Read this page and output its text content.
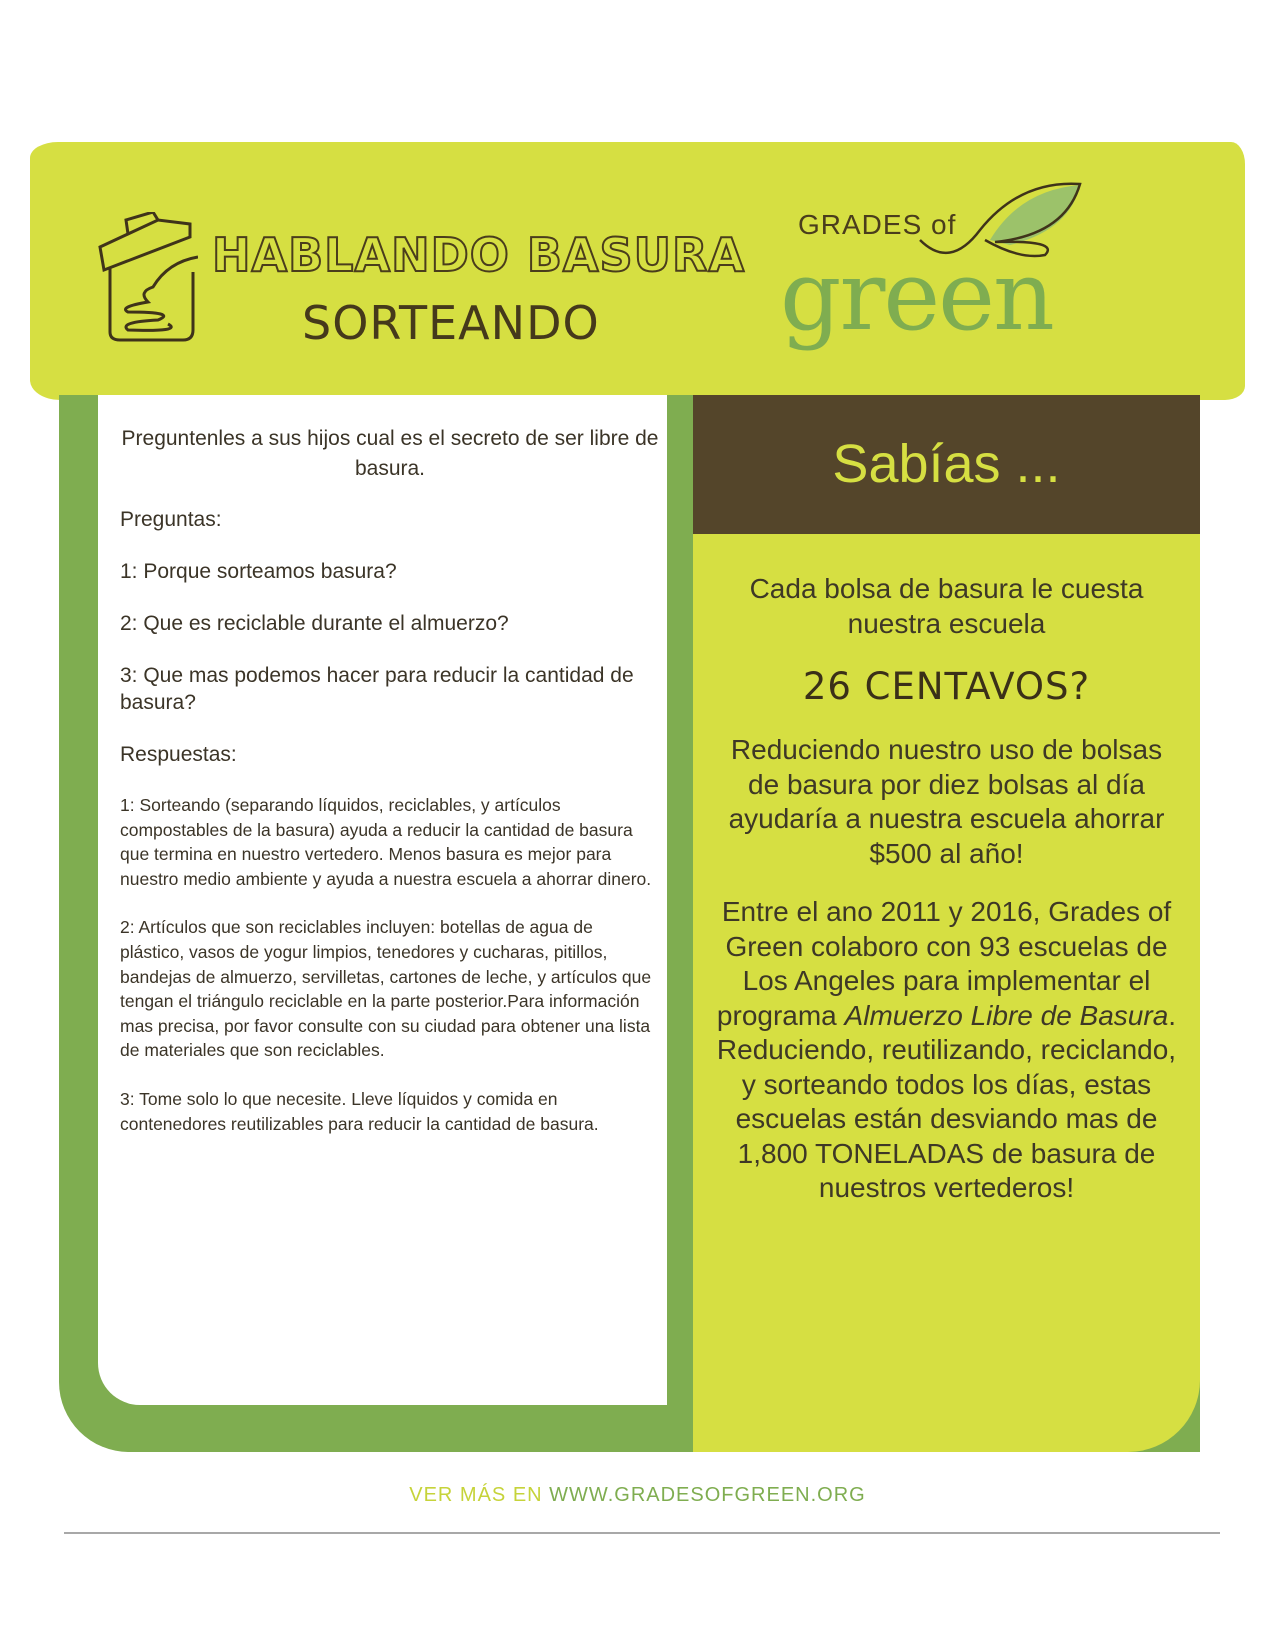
HABLANDO BASURA
SORTEANDO
GRADES of
green
Sabías ...
Preguntenles a sus hijos cual es el secreto de ser libre de basura.
Preguntas:
1: Porque sorteamos basura?
2: Que es reciclable durante el almuerzo?
3: Que mas podemos hacer para reducir la cantidad de basura?
Respuestas:
1: Sorteando (separando líquidos, reciclables, y artículos compostables de la basura) ayuda a reducir la cantidad de basura que termina en nuestro vertedero. Menos basura es mejor para nuestro medio ambiente y ayuda a nuestra escuela a ahorrar dinero.
2: Artículos que son reciclables incluyen: botellas de agua de plástico, vasos de yogur limpios, tenedores y cucharas, pitillos, bandejas de almuerzo, servilletas, cartones de leche, y artículos que tengan el triángulo reciclable en la parte posterior.Para información mas precisa, por favor consulte con su ciudad para obtener una lista de materiales que son reciclables.
3: Tome solo lo que necesite. Lleve líquidos y comida en contenedores reutilizables para reducir la cantidad de basura.
Cada bolsa de basura le cuesta nuestra escuela
26 CENTAVOS?
Reduciendo nuestro uso de bolsas de basura por diez bolsas al día ayudaría a nuestra escuela ahorrar $500 al año!
Entre el ano 2011 y 2016, Grades of Green colaboro con 93 escuelas de Los Angeles para implementar el programa Almuerzo Libre de Basura. Reduciendo, reutilizando, reciclando, y sorteando todos los días, estas escuelas están desviando mas de 1,800 TONELADAS de basura de nuestros vertederos!
VER MÁS EN WWW.GRADESOFGREEN.ORG
